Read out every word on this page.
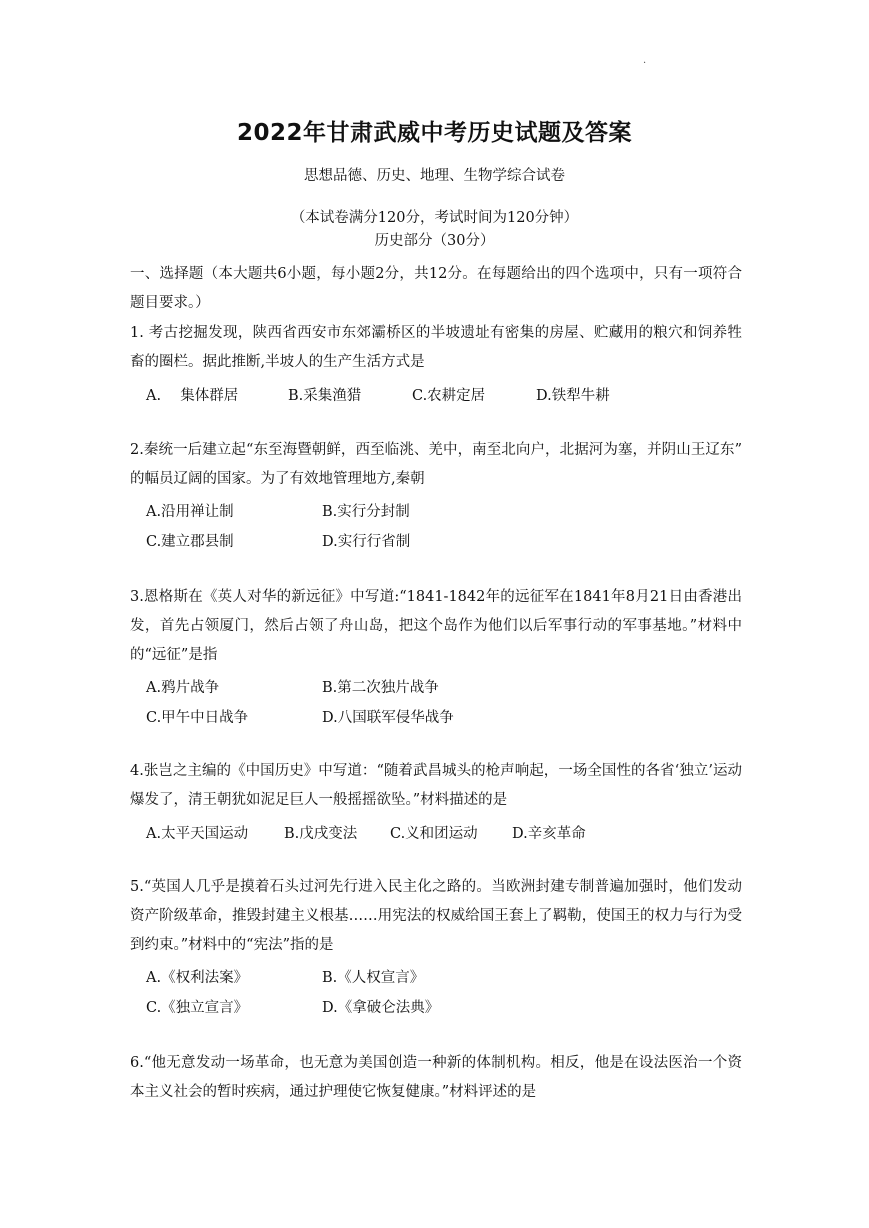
·
2022年甘肃武威中考历史试题及答案
思想品德、历史、地理、生物学综合试卷
（本试卷满分120分，考试时间为120分钟）
历史部分（30分）
一、选择题（本大题共6小题，每小题2分，共12分。在每题给出的四个选项中，只有一项符合题目要求。）
1. 考古挖掘发现，陕西省西安市东郊灞桥区的半坡遗址有密集的房屋、贮藏用的粮穴和饲养牲畜的圈栏。据此推断,半坡人的生产生活方式是
A.　 集体群居	B.采集渔猎	C.农耕定居	D.铁犁牛耕
2.秦统一后建立起“东至海暨朝鲜，西至临洮、羌中，南至北向户，北据河为塞，并阴山王辽东” 的幅员辽阔的国家。为了有效地管理地方,秦朝
A.沿用禅让制	B.实行分封制
C.建立郡县制	D.实行行省制
3.恩格斯在《英人对华的新远征》中写道:“1841-1842年的远征军在1841年8月21日由香港出发，首先占领厦门，然后占领了舟山岛，把这个岛作为他们以后军事行动的军事基地。”材料中的“远征”是指
A.鸦片战争	B.第二次独片战争
C.甲午中日战争	D.八国联军侵华战争
4.张岂之主编的《中国历史》中写道：“随着武昌城头的枪声响起，一场全国性的各省‘独立’运动爆发了，清王朝犹如泥足巨人一般摇摇欲坠。”材料描述的是
A.太平天国运动 B.戊戌变法 C.义和团运动 D.辛亥革命
5.“英国人几乎是摸着石头过河先行进入民主化之路的。当欧洲封建专制普遍加强时，他们发动资产阶级革命，推毁封建主义根基……用宪法的权威给国王套上了羁勒，使国王的权力与行为受到约束。”材料中的“宪法”指的是
A.《权利法案》	B.《人权宣言》
C.《独立宣言》	D.《拿破仑法典》
6.“他无意发动一场革命，也无意为美国创造一种新的体制机构。相反，他是在设法医治一个资本主义社会的暂时疾病，通过护理使它恢复健康。”材料评述的是
